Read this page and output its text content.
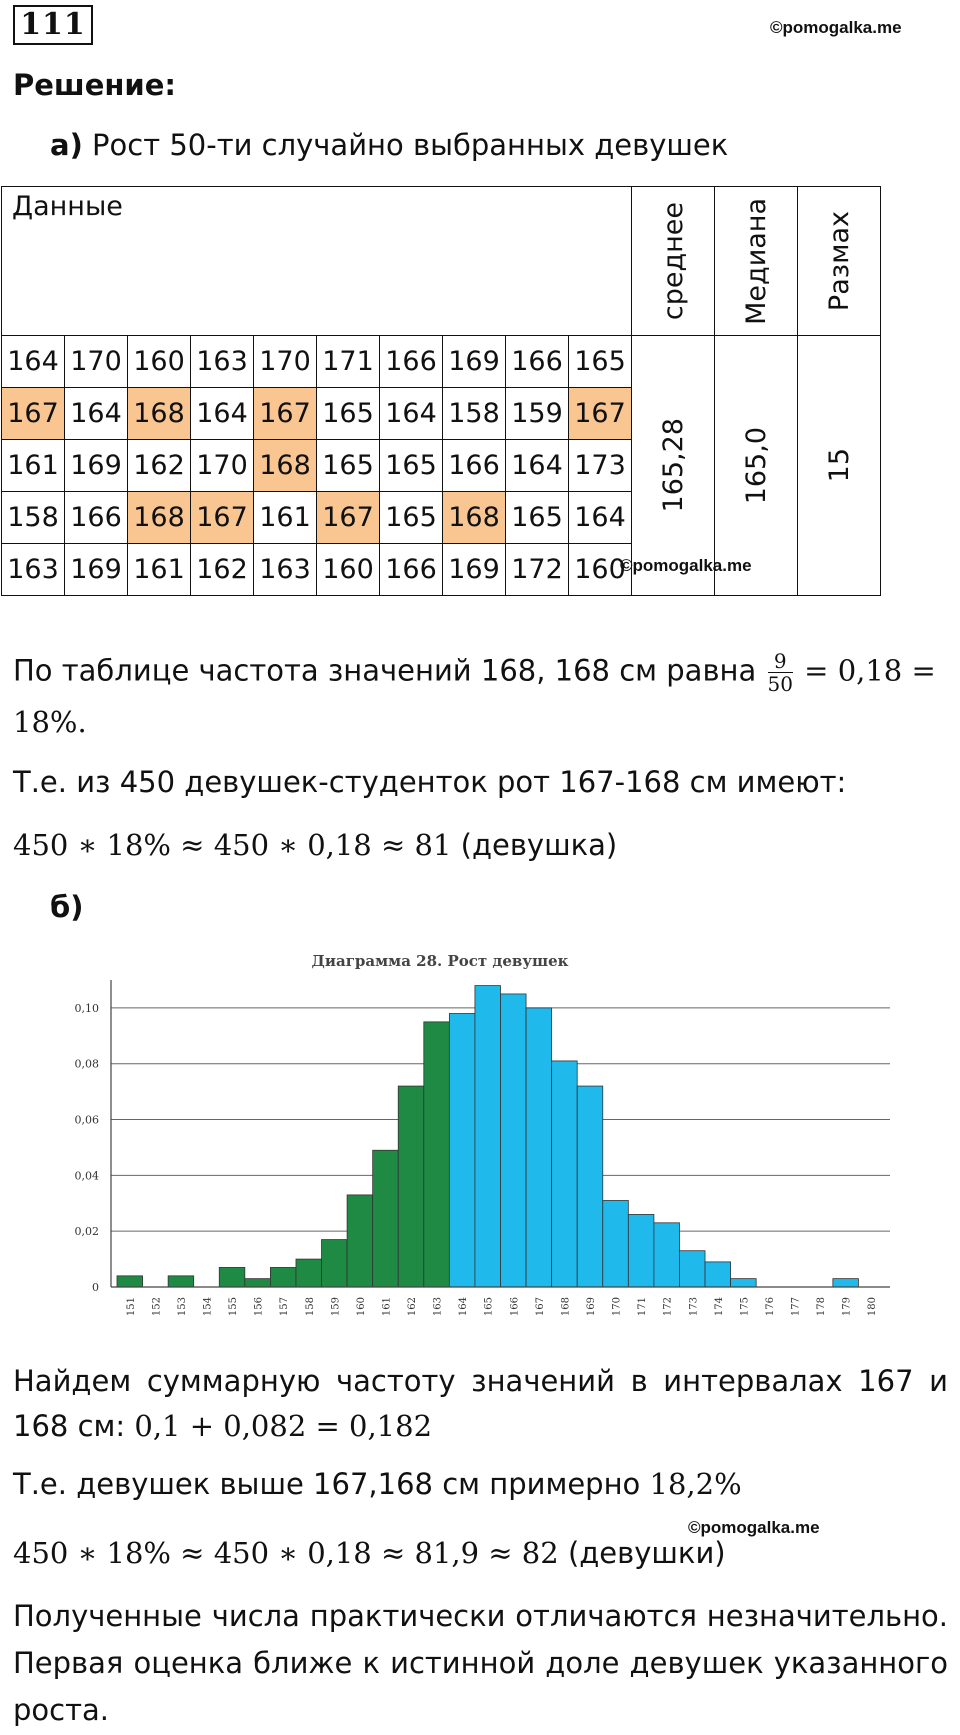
111	©pomogalka.me
Решение:
а) Рост 50-ти случайно выбранных девушек
Данные										среднее	Медиана	Размах

164	170	160	163	170	171	166	169	166	165	165,28	165,0	15

167	164	168	164	167	165	164	158	159	167			
161	169	162	170	168	165	165	166	164	173			
158	166	168	167	161	167	165	168	165	164			
163	169	161	162	163	160	166	169	172	160			
©pomogalka.me
По таблице частота значений 168, 168 см равна $\frac{9}{50} = 0,18$ =
18%.
Т.е. из 450 девушек-студенток рот 167-168 см имеют:
450 ∗ 18% ≈ 450 ∗ 0,18 ≈ 81 (девушка)
б)
Диаграмма 28. Рост девушек
0
0,02
0,04
0,06
0,08
0,10
151 152 153 154 155 156 157 158 159 160 161 162 163 164 165 166 167 168 169 170 171 172 173 174 175 176 177 178 179 180
Найдем суммарную частоту значений в интервалах 167 и
168 см: 0,1 + 0,082 = 0,182
Т.е. девушек выше 167,168 см примерно 18,2%
©pomogalka.me
450 ∗ 18% ≈ 450 ∗ 0,18 ≈ 81,9 ≈ 82 (девушки)
Полученные числа практически отличаются незначительно.
Первая оценка ближе к истинной доле девушек указанного
роста.
